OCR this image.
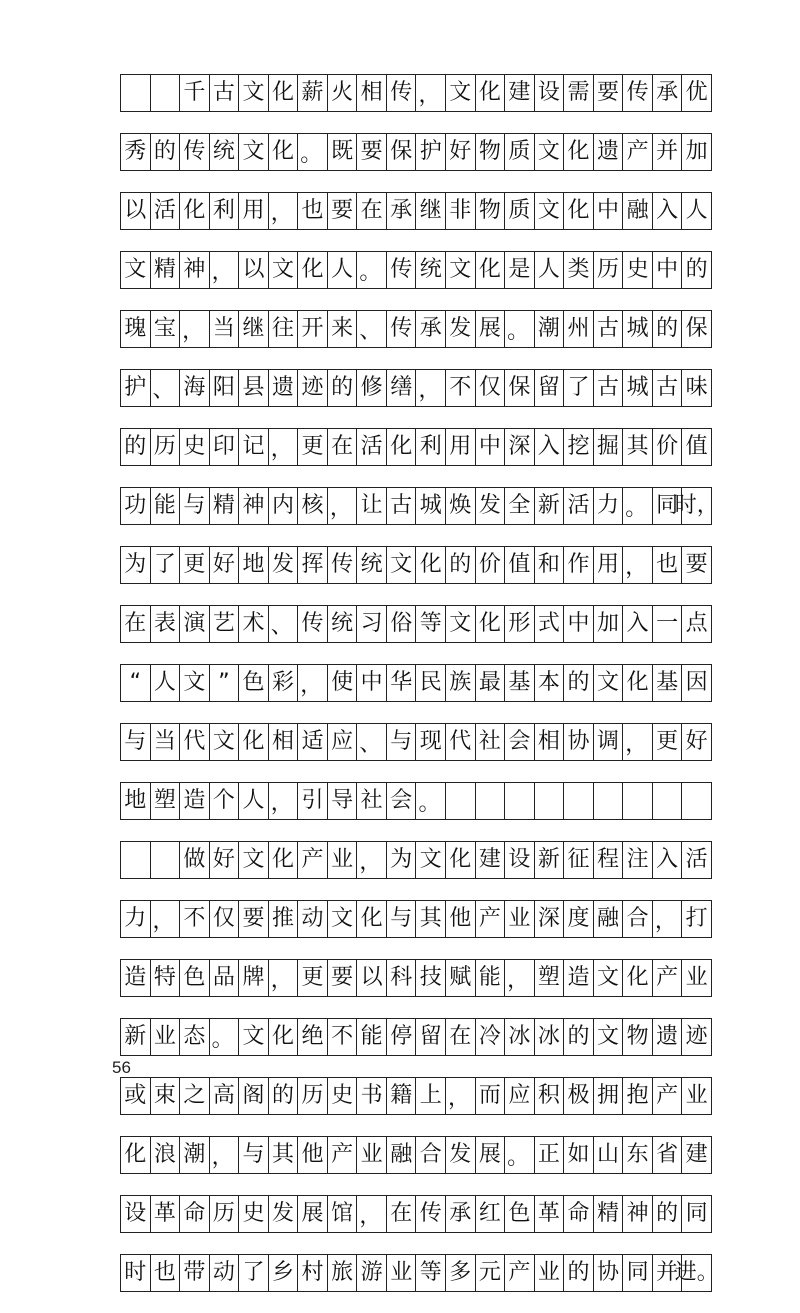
千 古 文 化 薪 火 相 传 ， 文 化 建 设 需 要 传 承 优
秀 的 传 统 文 化 。 既 要 保 护 好 物 质 文 化 遗 产 并 加
以 活 化 利 用 ， 也 要 在 承 继 非 物 质 文 化 中 融 入 人
文 精 神 ， 以 文 化 人 。 传 统 文 化 是 人 类 历 史 中 的
瑰 宝 ， 当 继 往 开 来 、 传 承 发 展 。 潮 州 古 城 的 保
护 、 海 阳 县 遗 迹 的 修 缮 ， 不 仅 保 留 了 古 城 古 味
的 历 史 印 记 ， 更 在 活 化 利 用 中 深 入 挖 掘 其 价 值
功 能 与 精 神 内 核 ， 让 古 城 焕 发 全 新 活 力 。 同
时，
为 了 更 好 地 发 挥 传 统 文 化 的 价 值 和 作 用 ， 也 要
在 表 演 艺 术 、 传 统 习 俗 等 文 化 形 式 中 加 入 一 点
“ 人 文 ” 色 彩 ， 使 中 华 民 族 最 基 本 的 文 化 基 因
与 当 代 文 化 相 适 应 、 与 现 代 社 会 相 协 调 ， 更 好
地 塑 造 个 人 ， 引 导 社 会 。
做 好 文 化 产 业 ， 为 文 化 建 设 新 征 程 注 入 活
力 ， 不 仅 要 推 动 文 化 与 其 他 产 业 深 度 融 合 ， 打
造 特 色 品 牌 ， 更 要 以 科 技 赋 能 ， 塑 造 文 化 产 业
新 业 态 。 文 化 绝 不 能 停 留 在 冷 冰 冰 的 文 物 遗 迹
或 束 之 高 阁 的 历 史 书 籍 上 ， 而 应 积 极 拥 抱 产 业
化 浪 潮 ， 与 其 他 产 业 融 合 发 展 。 正 如 山 东 省 建
设 革 命 历 史 发 展 馆 ， 在 传 承 红 色 革 命 精 神 的 同
时 也 带 动 了 乡 村 旅 游 业 等 多 元 产 业 的 协 同 并
进。
56
